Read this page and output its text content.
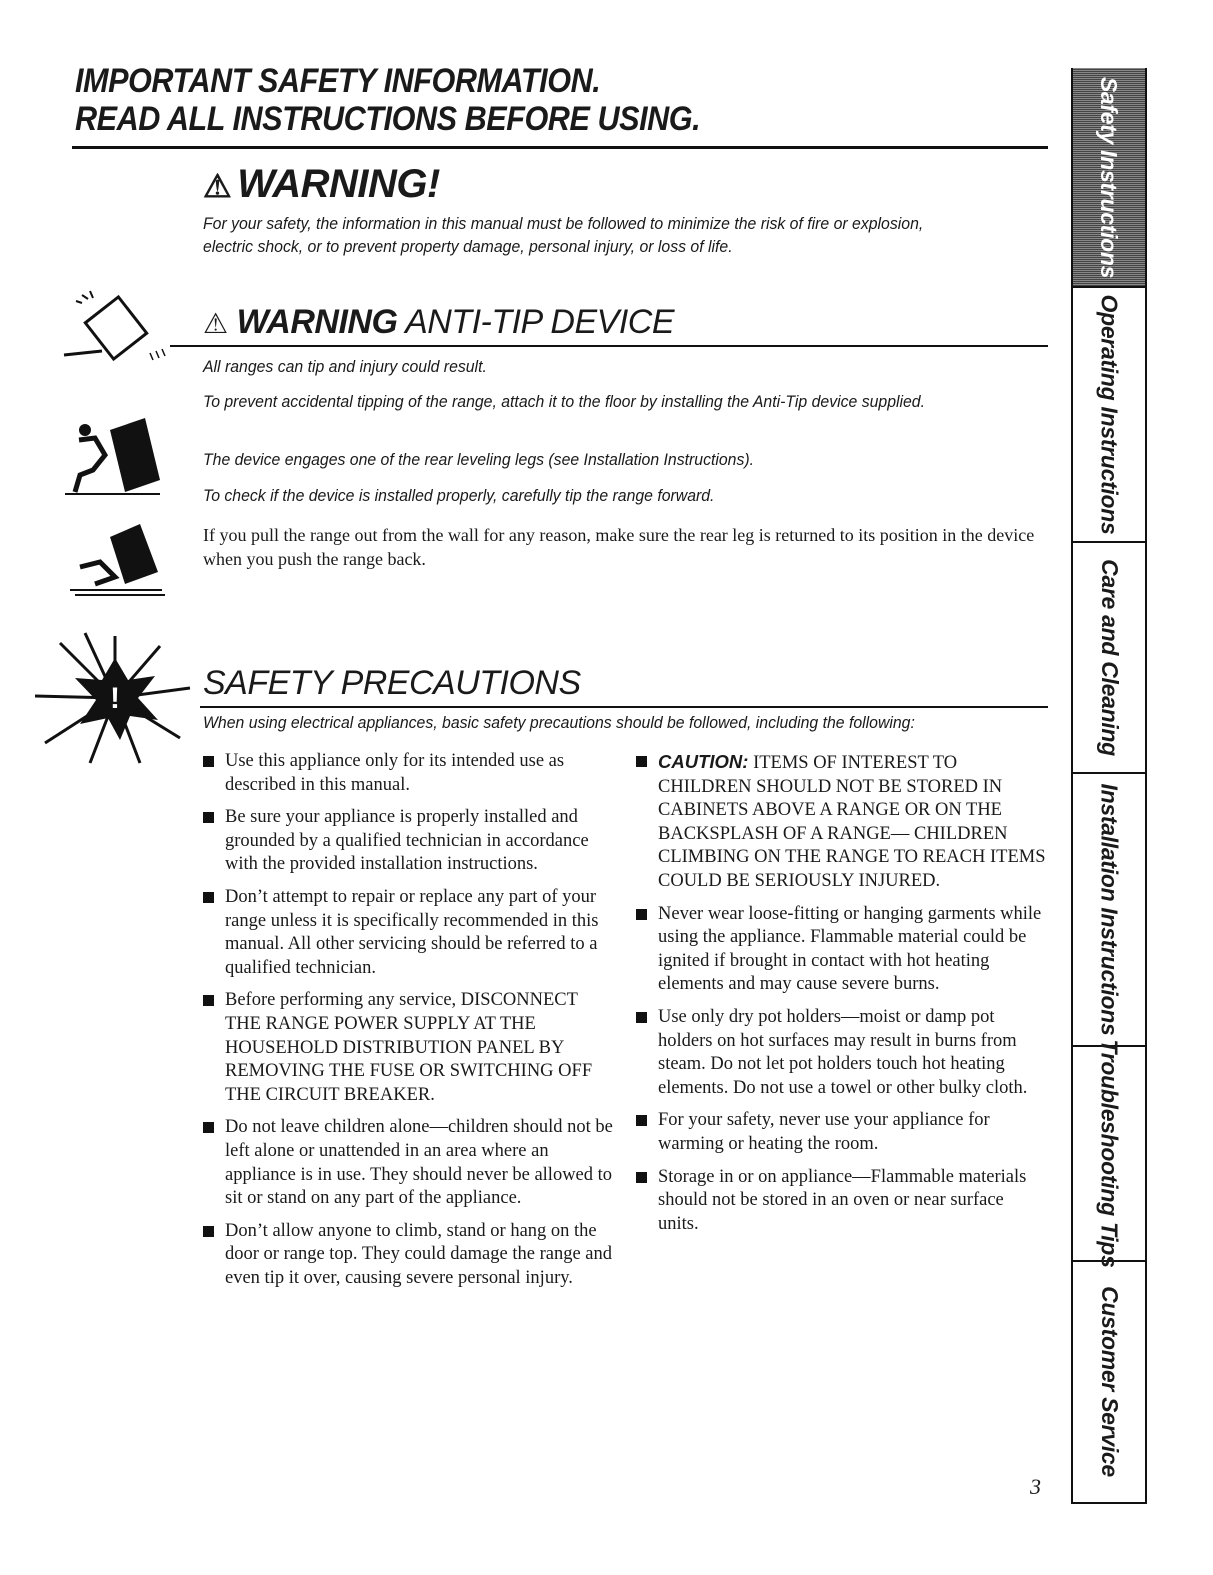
IMPORTANT SAFETY INFORMATION.
READ ALL INSTRUCTIONS BEFORE USING.
⚠ WARNING!
For your safety, the information in this manual must be followed to minimize the risk of fire or explosion, electric shock, or to prevent property damage, personal injury, or loss of life.
⚠ WARNING ANTI-TIP DEVICE
All ranges can tip and injury could result.
To prevent accidental tipping of the range, attach it to the floor by installing the Anti-Tip device supplied.
The device engages one of the rear leveling legs (see Installation Instructions).
To check if the device is installed properly, carefully tip the range forward.
If you pull the range out from the wall for any reason, make sure the rear leg is returned to its position in the device when you push the range back.
! SAFETY PRECAUTIONS
When using electrical appliances, basic safety precautions should be followed, including the following:
Use this appliance only for its intended use as described in this manual.
Be sure your appliance is properly installed and grounded by a qualified technician in accordance with the provided installation instructions.
Don’t attempt to repair or replace any part of your range unless it is specifically recommended in this manual. All other servicing should be referred to a qualified technician.
Before performing any service, DISCONNECT THE RANGE POWER SUPPLY AT THE HOUSEHOLD DISTRIBUTION PANEL BY REMOVING THE FUSE OR SWITCHING OFF THE CIRCUIT BREAKER.
Do not leave children alone—children should not be left alone or unattended in an area where an appliance is in use. They should never be allowed to sit or stand on any part of the appliance.
Don’t allow anyone to climb, stand or hang on the door or range top. They could damage the range and even tip it over, causing severe personal injury.
CAUTION: ITEMS OF INTEREST TO CHILDREN SHOULD NOT BE STORED IN CABINETS ABOVE A RANGE OR ON THE BACKSPLASH OF A RANGE— CHILDREN CLIMBING ON THE RANGE TO REACH ITEMS COULD BE SERIOUSLY INJURED.
Never wear loose-fitting or hanging garments while using the appliance. Flammable material could be ignited if brought in contact with hot heating elements and may cause severe burns.
Use only dry pot holders—moist or damp pot holders on hot surfaces may result in burns from steam. Do not let pot holders touch hot heating elements. Do not use a towel or other bulky cloth.
For your safety, never use your appliance for warming or heating the room.
Storage in or on appliance—Flammable materials should not be stored in an oven or near surface units.
3
Safety Instructions
Operating Instructions
Care and Cleaning
Installation Instructions
Troubleshooting Tips
Customer Service
